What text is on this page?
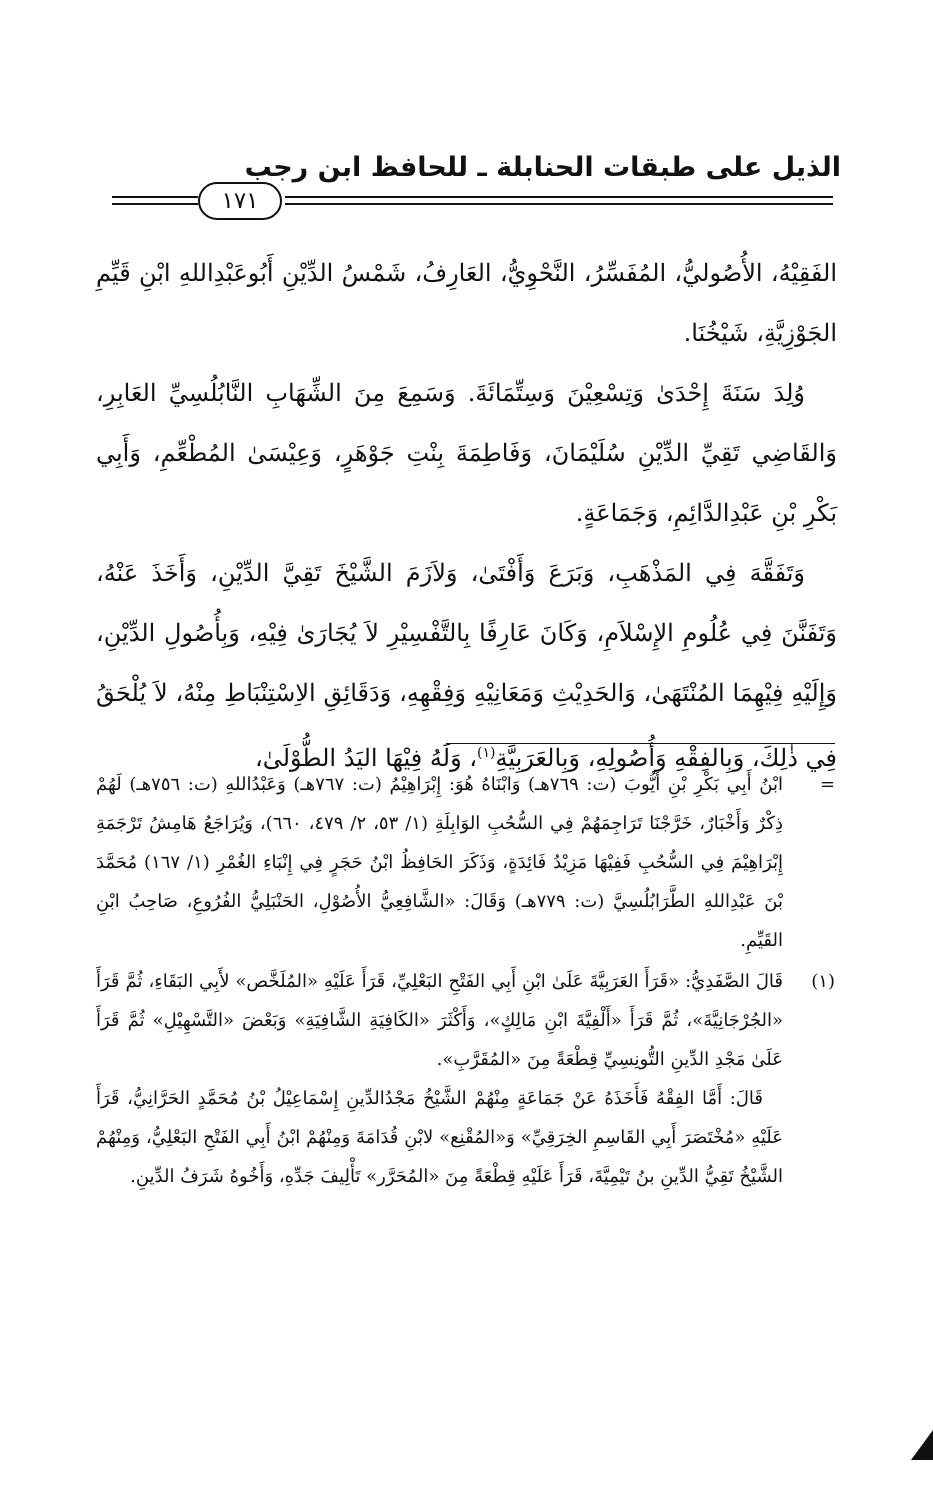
الذيل على طبقات الحنابلة ـ للحافظ ابن رجب
١٧١

الفَقِيْهُ، الأُصُوليُّ، المُفَسِّرُ، النَّحْوِيُّ، العَارِفُ، شَمْسُ الدِّيْنِ أَبُوعَبْدِاللهِ ابْنِ قَيِّمِ الجَوْزِيَّةِ، شَيْخُنَا.

وُلِدَ سَنَةَ إِحْدَىٰ وَتِسْعِيْنَ وَسِتِّمَائَةَ. وَسَمِعَ مِنَ الشِّهَابِ النَّابُلُسِيِّ العَابِرِ، وَالقَاضِي تَقِيِّ الدِّيْنِ سُلَيْمَانَ، وَفَاطِمَةَ بِنْتِ جَوْهَرٍ، وَعِيْسَىٰ المُطْعِّمِ، وَأَبِي بَكْرِ بْنِ عَبْدِالدَّائِمِ، وَجَمَاعَةٍ.

وَتَفَقَّهَ فِي المَذْهَبِ، وَبَرَعَ وَأَفْتَىٰ، وَلاَزَمَ الشَّيْخَ تَقِيَّ الدِّيْنِ، وَأَخَذَ عَنْهُ، وَتَفَنَّنَ فِي عُلُومِ الإِسْلاَمِ، وَكَانَ عَارِفًا بِالتَّفْسِيْرِ لاَ يُجَارَىٰ فِيْهِ، وَبِأُصُولِ الدِّيْنِ، وَإِلَيْهِ فِيْهِمَا المُنْتَهَىٰ، وَالحَدِيْثِ وَمَعَانِيْهِ وَفِقْهِهِ، وَدَقَائِقِ الاِسْتِنْبَاطِ مِنْهُ، لاَ يُلْحَقُ فِي ذٰلِكَ، وَبِالفِقْهِ وَأُصُولِهِ، وَبِالعَرَبِيَّةِ$^{(١)}$، وَلَهُ فِيْهَا اليَدُ الطُّوْلَىٰ،

=
ابْنُ أَبِي بَكْرِ بْنِ أَيُّوبَ (ت: ٧٦٩هـ) وَابْنَاهُ هُوَ: إِبْرَاهِيْمُ (ت: ٧٦٧هـ) وَعَبْدُاللهِ (ت: ٧٥٦هـ) لَهُمْ ذِكْرٌ وَأَخْبَارٌ، خَرَّجْنَا تَرَاجِمَهُمْ فِي السُّحُبِ الوَابِلَةِ (١/ ٥٣، ٢/ ٤٧٩، ٦٦٠)، وَيُرَاجَعُ هَامِشُ تَرْجَمَةِ إِبْرَاهِيْمَ فِي السُّحُبِ فَفِيْهَا مَزِيْدُ فَائِدَةٍ، وَذَكَرَ الحَافِظُ ابْنُ حَجَرٍ فِي إِنْبَاءِ الغُمْرِ (١/ ١٦٧) مُحَمَّدَ بْنَ عَبْدِاللهِ الطَّرَابُلُسِيَّ (ت: ٧٧٩هـ) وَقَالَ: «الشَّافِعِيُّ الأُصُوْلِ، الحَنْبَلِيُّ الفُرُوعِ، صَاحِبُ ابْنِ القَيِّمِ.

(١)

قَالَ الصَّفَدِيُّ: «قَرَأَ العَرَبِيَّةَ عَلَىٰ ابْنِ أَبِي الفَتْحِ البَعْلِيِّ، قَرَأَ عَلَيْهِ «المُلَخَّص» لأَبِي البَقَاءِ، ثُمَّ قَرَأَ «الجُرْجَانِيَّةَ»، ثُمَّ قَرَأَ «أَلْفِيَّةَ ابْنِ مَالِكٍ»، وَأَكْثَرَ «الكَافِيَةِ الشَّافِيَةِ» وَبَعْضَ «التَّسْهِيْلِ» ثُمَّ قَرَأَ عَلَىٰ مَجْدِ الدِّينِ التُّونِسِيِّ قِطْعَةً مِنَ «المُقَرَّبِ».

قَالَ: أَمَّا الفِقْهُ فَأَخَذَهُ عَنْ جَمَاعَةٍ مِنْهُمْ الشَّيْخُ مَجْدُالدِّينِ إِسْمَاعِيْلُ بْنُ مُحَمَّدٍ الحَرَّانِيُّ، قَرَأَ عَلَيْهِ «مُخْتَصَرَ أَبِي القَاسِمِ الخِرَقِيِّ» وَ«المُقْنِع» لابْنِ قُدَامَةَ وَمِنْهُمْ ابْنُ أَبِي الفَتْحِ البَعْلِيُّ، وَمِنْهُمْ الشَّيْخُ تَقِيُّ الدِّينِ بنُ تَيْمِيَّةَ، قَرَأَ عَلَيْهِ قِطْعَةً مِنَ «المُحَرَّر» تَأْلِيفَ جَدِّهِ، وَأَخُوهُ شَرَفُ الدِّينِ.
